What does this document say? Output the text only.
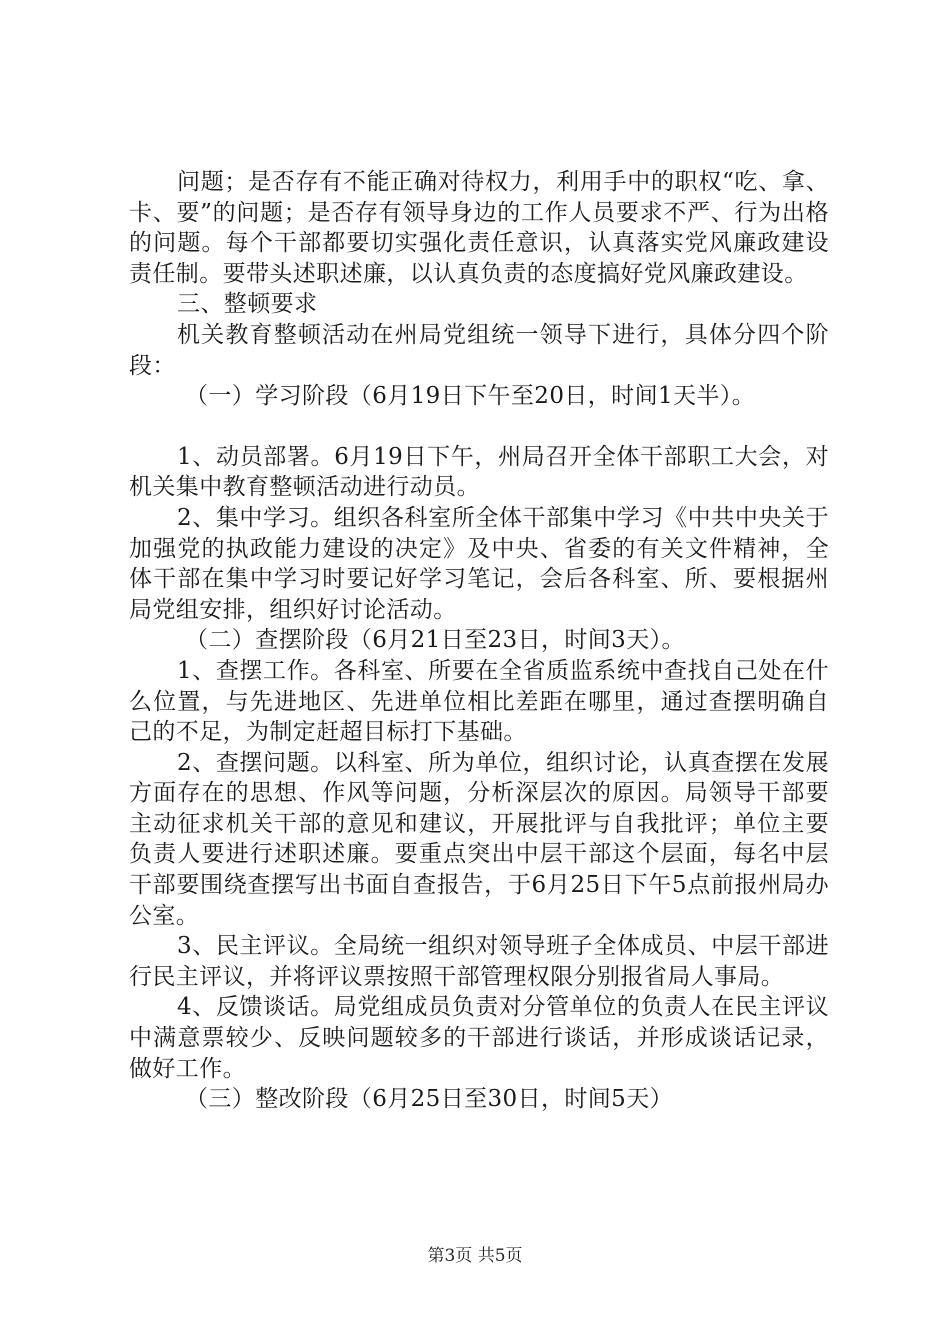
问题；是否存有不能正确对待权力，利用手中的职权“吃、拿、卡、要”的问题；是否存有领导身边的工作人员要求不严、行为出格的问题。每个干部都要切实强化责任意识，认真落实党风廉政建设责任制。要带头述职述廉，以认真负责的态度搞好党风廉政建设。

三、整顿要求

机关教育整顿活动在州局党组统一领导下进行，具体分四个阶段：

（一）学习阶段（6月19日下午至20日，时间1天半）。

1、动员部署。6月19日下午，州局召开全体干部职工大会，对机关集中教育整顿活动进行动员。

2、集中学习。组织各科室所全体干部集中学习《中共中央关于加强党的执政能力建设的决定》及中央、省委的有关文件精神，全体干部在集中学习时要记好学习笔记，会后各科室、所、要根据州局党组安排，组织好讨论活动。

（二）查摆阶段（6月21日至23日，时间3天）。

1、查摆工作。各科室、所要在全省质监系统中查找自己处在什么位置，与先进地区、先进单位相比差距在哪里，通过查摆明确自己的不足，为制定赶超目标打下基础。

2、查摆问题。以科室、所为单位，组织讨论，认真查摆在发展方面存在的思想、作风等问题，分析深层次的原因。局领导干部要主动征求机关干部的意见和建议，开展批评与自我批评；单位主要负责人要进行述职述廉。要重点突出中层干部这个层面，每名中层干部要围绕查摆写出书面自查报告，于6月25日下午5点前报州局办公室。

3、民主评议。全局统一组织对领导班子全体成员、中层干部进行民主评议，并将评议票按照干部管理权限分别报省局人事局。

4、反馈谈话。局党组成员负责对分管单位的负责人在民主评议中满意票较少、反映问题较多的干部进行谈话，并形成谈话记录，做好工作。

（三）整改阶段（6月25日至30日，时间5天）

第3页 共5页
